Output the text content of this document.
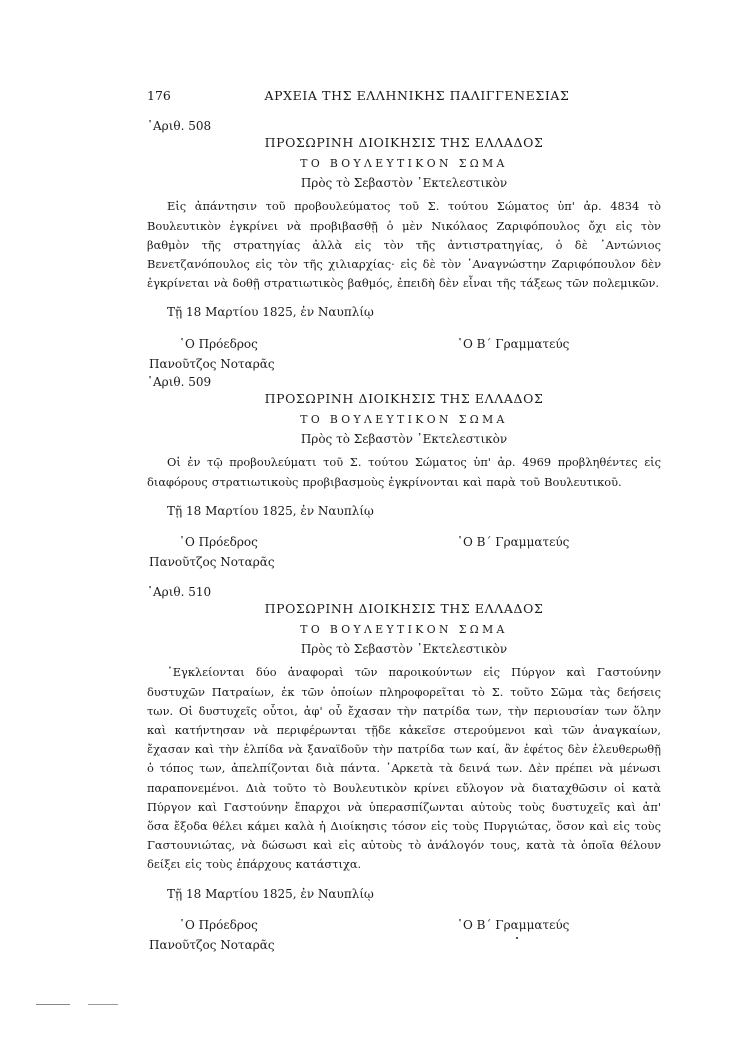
176	ΑΡΧΕΙΑ ΤΗΣ ΕΛΛΗΝΙΚΗΣ ΠΑΛΙΓΓΕΝΕΣΙΑΣ
᾿Αριθ. 508
ΠΡΟΣΩΡΙΝΗ ΔΙΟΙΚΗΣΙΣ ΤΗΣ ΕΛΛΑΔΟΣ
ΤΟ ΒΟΥΛΕΥΤΙΚΟΝ ΣΩΜΑ
Πρὸς τὸ Σεβαστὸν ᾿Εκτελεστικὸν
Εἰς ἀπάντησιν τοῦ προβουλεύματος τοῦ Σ. τούτου Σώματος ὑπ' ἀρ. 4834 τὸ Βουλευτικὸν ἐγκρίνει νὰ προβιβασθῇ ὁ μὲν Νικόλαος Ζαριφόπουλος ὄχι εἰς τὸν βαθμὸν τῆς στρατηγίας ἀλλὰ εἰς τὸν τῆς ἀντιστρατηγίας, ὁ δὲ ᾿Αντώνιος Βενετζανόπουλος εἰς τὸν τῆς χιλιαρχίας· εἰς δὲ τὸν ᾿Αναγνώστην Ζαριφόπουλον δὲν ἐγκρίνεται νὰ δοθῇ στρατιωτικὸς βαθμός, ἐπειδὴ δὲν εἶναι τῆς τάξεως τῶν πολεμικῶν.
Τῇ 18 Μαρτίου 1825, ἐν Ναυπλίῳ
῾Ο Πρόεδρος	῾Ο Β΄ Γραμματεύς
Πανοῦτζος Νοταρᾶς
᾿Αριθ. 509
ΠΡΟΣΩΡΙΝΗ ΔΙΟΙΚΗΣΙΣ ΤΗΣ ΕΛΛΑΔΟΣ
ΤΟ ΒΟΥΛΕΥΤΙΚΟΝ ΣΩΜΑ
Πρὸς τὸ Σεβαστὸν ᾿Εκτελεστικὸν
Οἱ ἐν τῷ προβουλεύματι τοῦ Σ. τούτου Σώματος ὑπ' ἀρ. 4969 προβληθέντες εἰς διαφόρους στρατιωτικοὺς προβιβασμοὺς ἐγκρίνονται καὶ παρὰ τοῦ Βουλευτικοῦ.
Τῇ 18 Μαρτίου 1825, ἐν Ναυπλίῳ
῾Ο Πρόεδρος	῾Ο Β΄ Γραμματεύς
Πανοῦτζος Νοταρᾶς
᾿Αριθ. 510
ΠΡΟΣΩΡΙΝΗ ΔΙΟΙΚΗΣΙΣ ΤΗΣ ΕΛΛΑΔΟΣ
ΤΟ ΒΟΥΛΕΥΤΙΚΟΝ ΣΩΜΑ
Πρὸς τὸ Σεβαστὸν ᾿Εκτελεστικὸν
᾿Εγκλείονται δύο ἀναφοραὶ τῶν παροικούντων εἰς Πύργον καὶ Γαστούνην δυστυχῶν Πατραίων, ἐκ τῶν ὁποίων πληροφορεῖται τὸ Σ. τοῦτο Σῶμα τὰς δεήσεις των. Οἱ δυστυχεῖς οὗτοι, ἀφ' οὗ ἔχασαν τὴν πατρίδα των, τὴν περιουσίαν των ὅλην καὶ κατήντησαν νὰ περιφέρωνται τῇδε κἀκεῖσε στερούμενοι καὶ τῶν ἀναγκαίων, ἔχασαν καὶ τὴν ἐλπίδα νὰ ξαναϊδοῦν τὴν πατρίδα των καί, ἂν ἐφέτος δὲν ἐλευθερωθῇ ὁ τόπος των, ἀπελπίζονται διὰ πάντα. ᾿Αρκετὰ τὰ δεινά των. Δὲν πρέπει νὰ μένωσι παραπονεμένοι. Διὰ τοῦτο τὸ Βουλευτικὸν κρίνει εὔλογον νὰ διαταχθῶσιν οἱ κατὰ Πύργον καὶ Γαστούνην ἔπαρχοι νὰ ὑπερασπίζωνται αὐτοὺς τοὺς δυστυχεῖς καὶ ἀπ' ὅσα ἔξοδα θέλει κάμει καλὰ ἡ Διοίκησις τόσον εἰς τοὺς Πυργιώτας, ὅσον καὶ εἰς τοὺς Γαστουνιώτας, νὰ δώσωσι καὶ εἰς αὐτοὺς τὸ ἀνάλογόν τους, κατὰ τὰ ὁποῖα θέλουν δείξει εἰς τοὺς ἐπάρχους κατάστιχα.
Τῇ 18 Μαρτίου 1825, ἐν Ναυπλίῳ
῾Ο Πρόεδρος	῾Ο Β΄ Γραμματεύς
Πανοῦτζος Νοταρᾶς
